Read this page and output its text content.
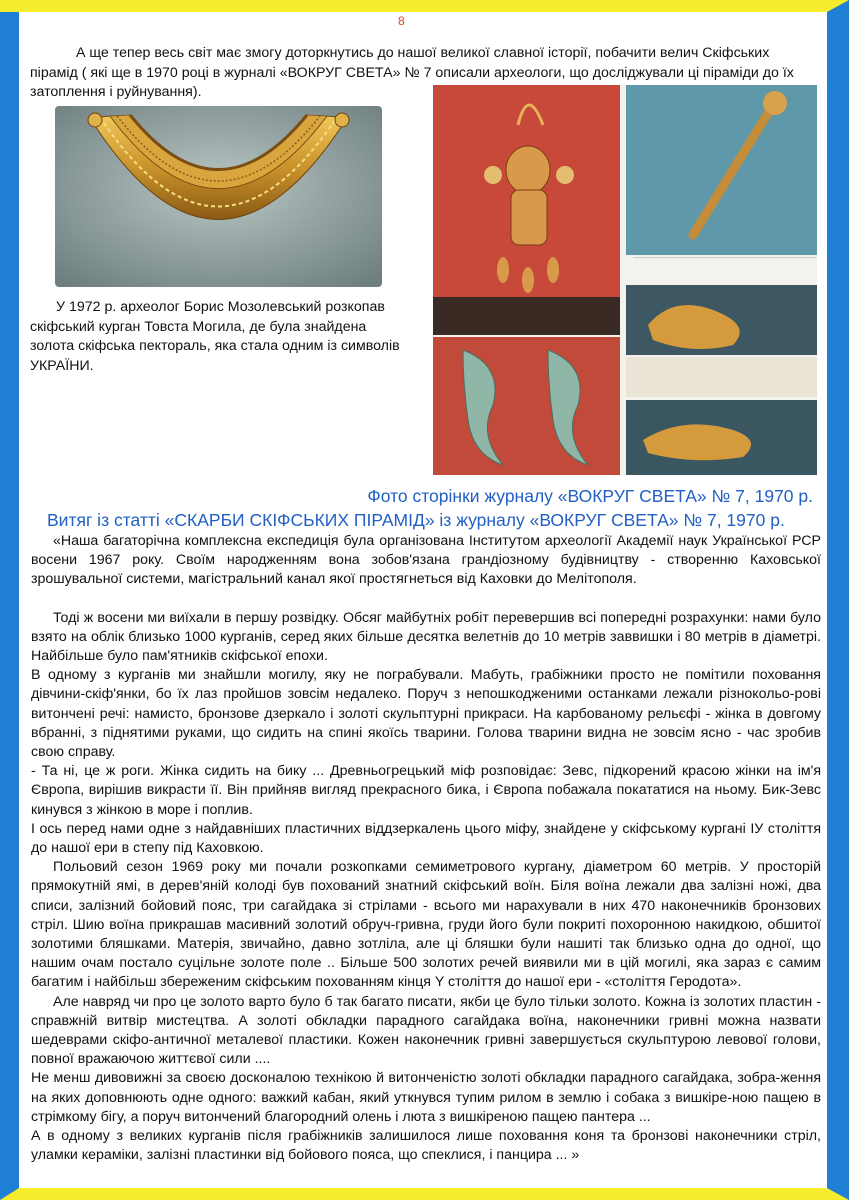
8

А ще тепер весь світ має змогу доторкнутись до нашої великої славної історії, побачити велич Скіфських пірамід ( які ще в 1970 році в журналі «ВОКРУГ СВЕТА» № 7 описали археологи, що досліджували ці піраміди до їх затоплення і руйнування).

У 1972 р. археолог Борис Мозолевський розкопав скіфський курган Товста Могила, де була знайдена золота скіфська пектораль, яка стала одним із символів УКРАЇНИ.

Фото сторінки журналу «ВОКРУГ СВЕТА» № 7, 1970 р.
Витяг із статті «СКАРБИ СКІФСЬКИХ ПІРАМІД» із журналу «ВОКРУГ СВЕТА» № 7, 1970 р.

«Наша багаторічна комплексна експедиція була організована Інститутом археології Академії наук Української РСР восени 1967 року. Своїм народженням вона зобов'язана грандіозному будівництву - створенню Каховської зрошувальної системи, магістральний канал якої простягнеться від Каховки до Мелітополя.

Тоді ж восени ми виїхали в першу розвідку. Обсяг майбутніх робіт перевершив всі попередні розрахунки: нами було взято на облік близько 1000 курганів, серед яких більше десятка велетнів до 10 метрів заввишки і 80 метрів в діаметрі. Найбільше було пам'ятників скіфської епохи.

В одному з курганів ми знайшли могилу, яку не пограбували. Мабуть, грабіжники просто не помітили поховання дівчини-скіф'янки, бо їх лаз пройшов зовсім недалеко. Поруч з непошкодженими останками лежали різнокольо-рові витончені речі: намисто, бронзове дзеркало і золоті скульптурні прикраси. На карбованому рельєфі - жінка в довгому вбранні, з піднятими руками, що сидить на спині якоїсь тварини. Голова тварини видна не зовсім ясно - час зробив свою справу.

- Та ні, це ж роги. Жінка сидить на бику ... Древньогрецький міф розповідає: Зевс, підкорений красою жінки на ім'я Європа, вирішив викрасти її. Він прийняв вигляд прекрасного бика, і Європа побажала покататися на ньому. Бик-Зевс кинувся з жінкою в море і поплив.

І ось перед нами одне з найдавніших пластичних віддзеркалень цього міфу, знайдене у скіфському кургані ІУ століття до нашої ери в степу під Каховкою.

Польовий сезон 1969 року ми почали розкопками семиметрового кургану, діаметром 60 метрів. У просторій прямокутній ямі, в дерев'яній колоді був похований знатний скіфський воїн. Біля воїна лежали два залізні ножі, два списи, залізний бойовий пояс, три сагайдака зі стрілами - всього ми нарахували в них 470 наконечників бронзових стріл. Шию воїна прикрашав масивний золотий обруч-гривна, груди його були покриті похоронною накидкою, обшитої золотими бляшками. Матерія, звичайно, давно зотліла, але ці бляшки були нашиті так близько одна до одної, що нашим очам постало суцільне золоте поле .. Більше 500 золотих речей виявили ми в цій могилі, яка зараз є самим багатим і найбільш збереженим скіфським похованням кінця Y століття до нашої ери - «століття Геродота».

Але навряд чи про це золото варто було б так багато писати, якби це було тільки золото. Кожна із золотих пластин - справжній витвір мистецтва. А золоті обкладки парадного сагайдака воїна, наконечники гривні можна назвати шедеврами скіфо-античної металевої пластики. Кожен наконечник гривні завершується скульптурою левової голови, повної вражаючою життєвої сили ....

Не менш дивовижні за своєю досконалою технікою й витонченістю золоті обкладки парадного сагайдака, зобра-ження на яких доповнюють одне одного: важкий кабан, який уткнувся тупим рилом в землю і собака з вишкіре-ною пащею в стрімкому бігу, а поруч витончений благородний олень і люта з вишкіреною пащею пантера ...

А в одному з великих курганів після грабіжників залишилося лише поховання коня та бронзові наконечники стріл, уламки кераміки, залізні пластинки від бойового пояса, що спеклися, і панцира ... »
